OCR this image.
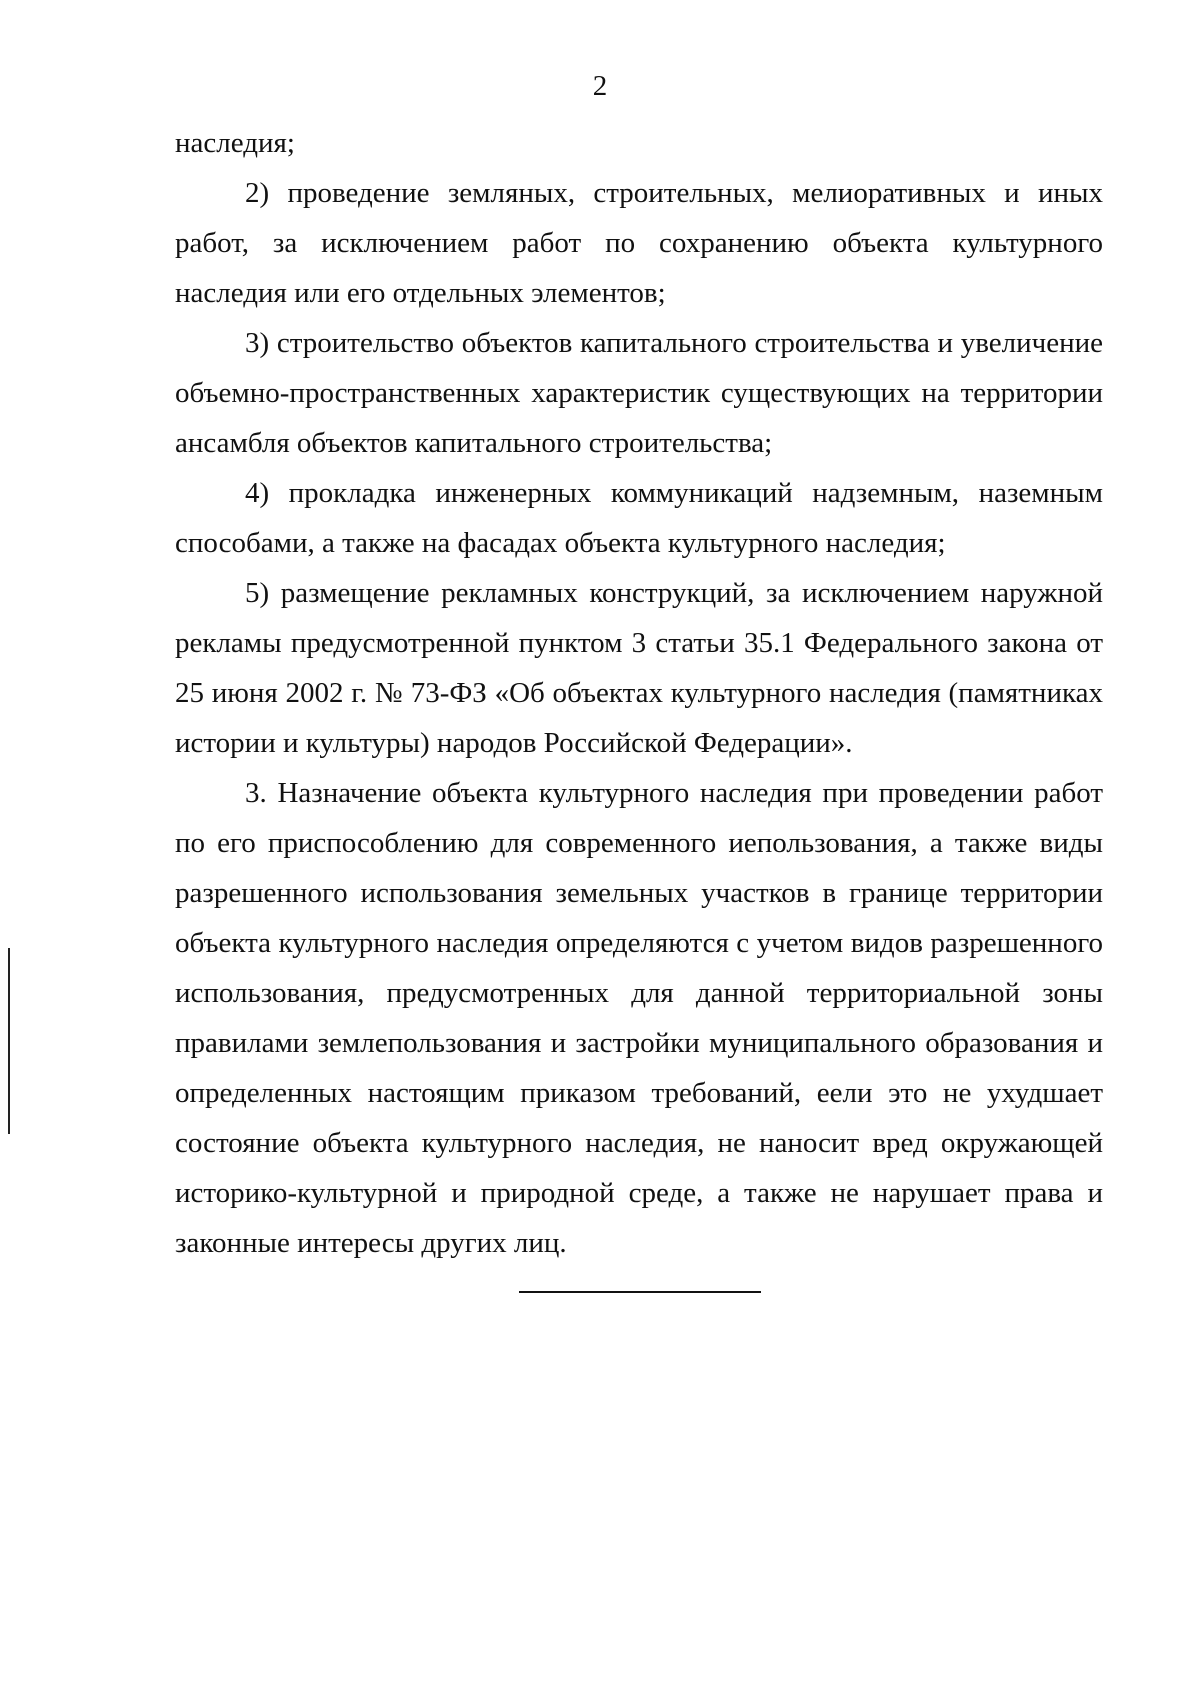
2

наследия;

2) проведение земляных, строительных, мелиоративных и иных работ, за исключением работ по сохранению объекта культурного наследия или его отдельных элементов;

3) строительство объектов капитального строительства и увеличение объемно-пространственных характеристик существующих на территории ансамбля объектов капитального строительства;

4) прокладка инженерных коммуникаций надземным, наземным способами, а также на фасадах объекта культурного наследия;

5) размещение рекламных конструкций, за исключением наружной рекламы предусмотренной пунктом 3 статьи 35.1 Федерального закона от 25 июня 2002 г. № 73-ФЗ «Об объектах культурного наследия (памятниках истории и культуры) народов Российской Федерации».

3. Назначение объекта культурного наследия при проведении работ по его приспособлению для современного иепользования, а также виды разрешенного использования земельных участков в границе территории объекта культурного наследия определяются с учетом видов разрешенного использования, предусмотренных для данной территориальной зоны правилами землепользования и застройки муниципального образования и определенных настоящим приказом требований, еели это не ухудшает состояние объекта культурного наследия, не наносит вред окружающей историко-культурной и природной среде, а также не нарушает права и законные интересы других лиц.
